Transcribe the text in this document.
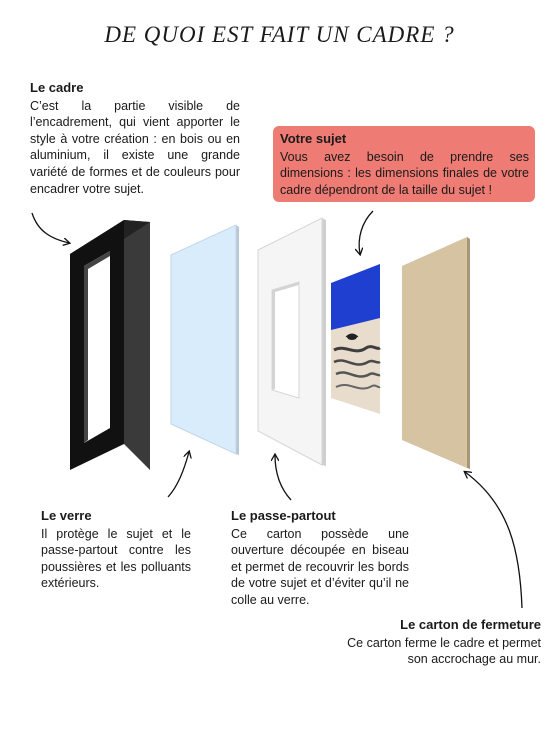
DE QUOI EST FAIT UN CADRE ?
Le cadre
C’est la partie visible de l’encadrement, qui vient apporter le style à votre création : en bois ou en aluminium, il existe une grande variété de formes et de couleurs pour encadrer votre sujet.
Votre sujet
Vous avez besoin de prendre ses dimensions : les dimensions finales de votre cadre dépendront de la taille du sujet !
Le verre
Il protège le sujet et le passe-partout contre les poussières et les polluants extérieurs.
Le passe-partout
Ce carton possède une ouverture découpée en biseau et permet de recouvrir les bords de votre sujet et d’éviter qu’il ne colle au verre.
Le carton de fermeture
Ce carton ferme le cadre et permet son accrochage au mur.
